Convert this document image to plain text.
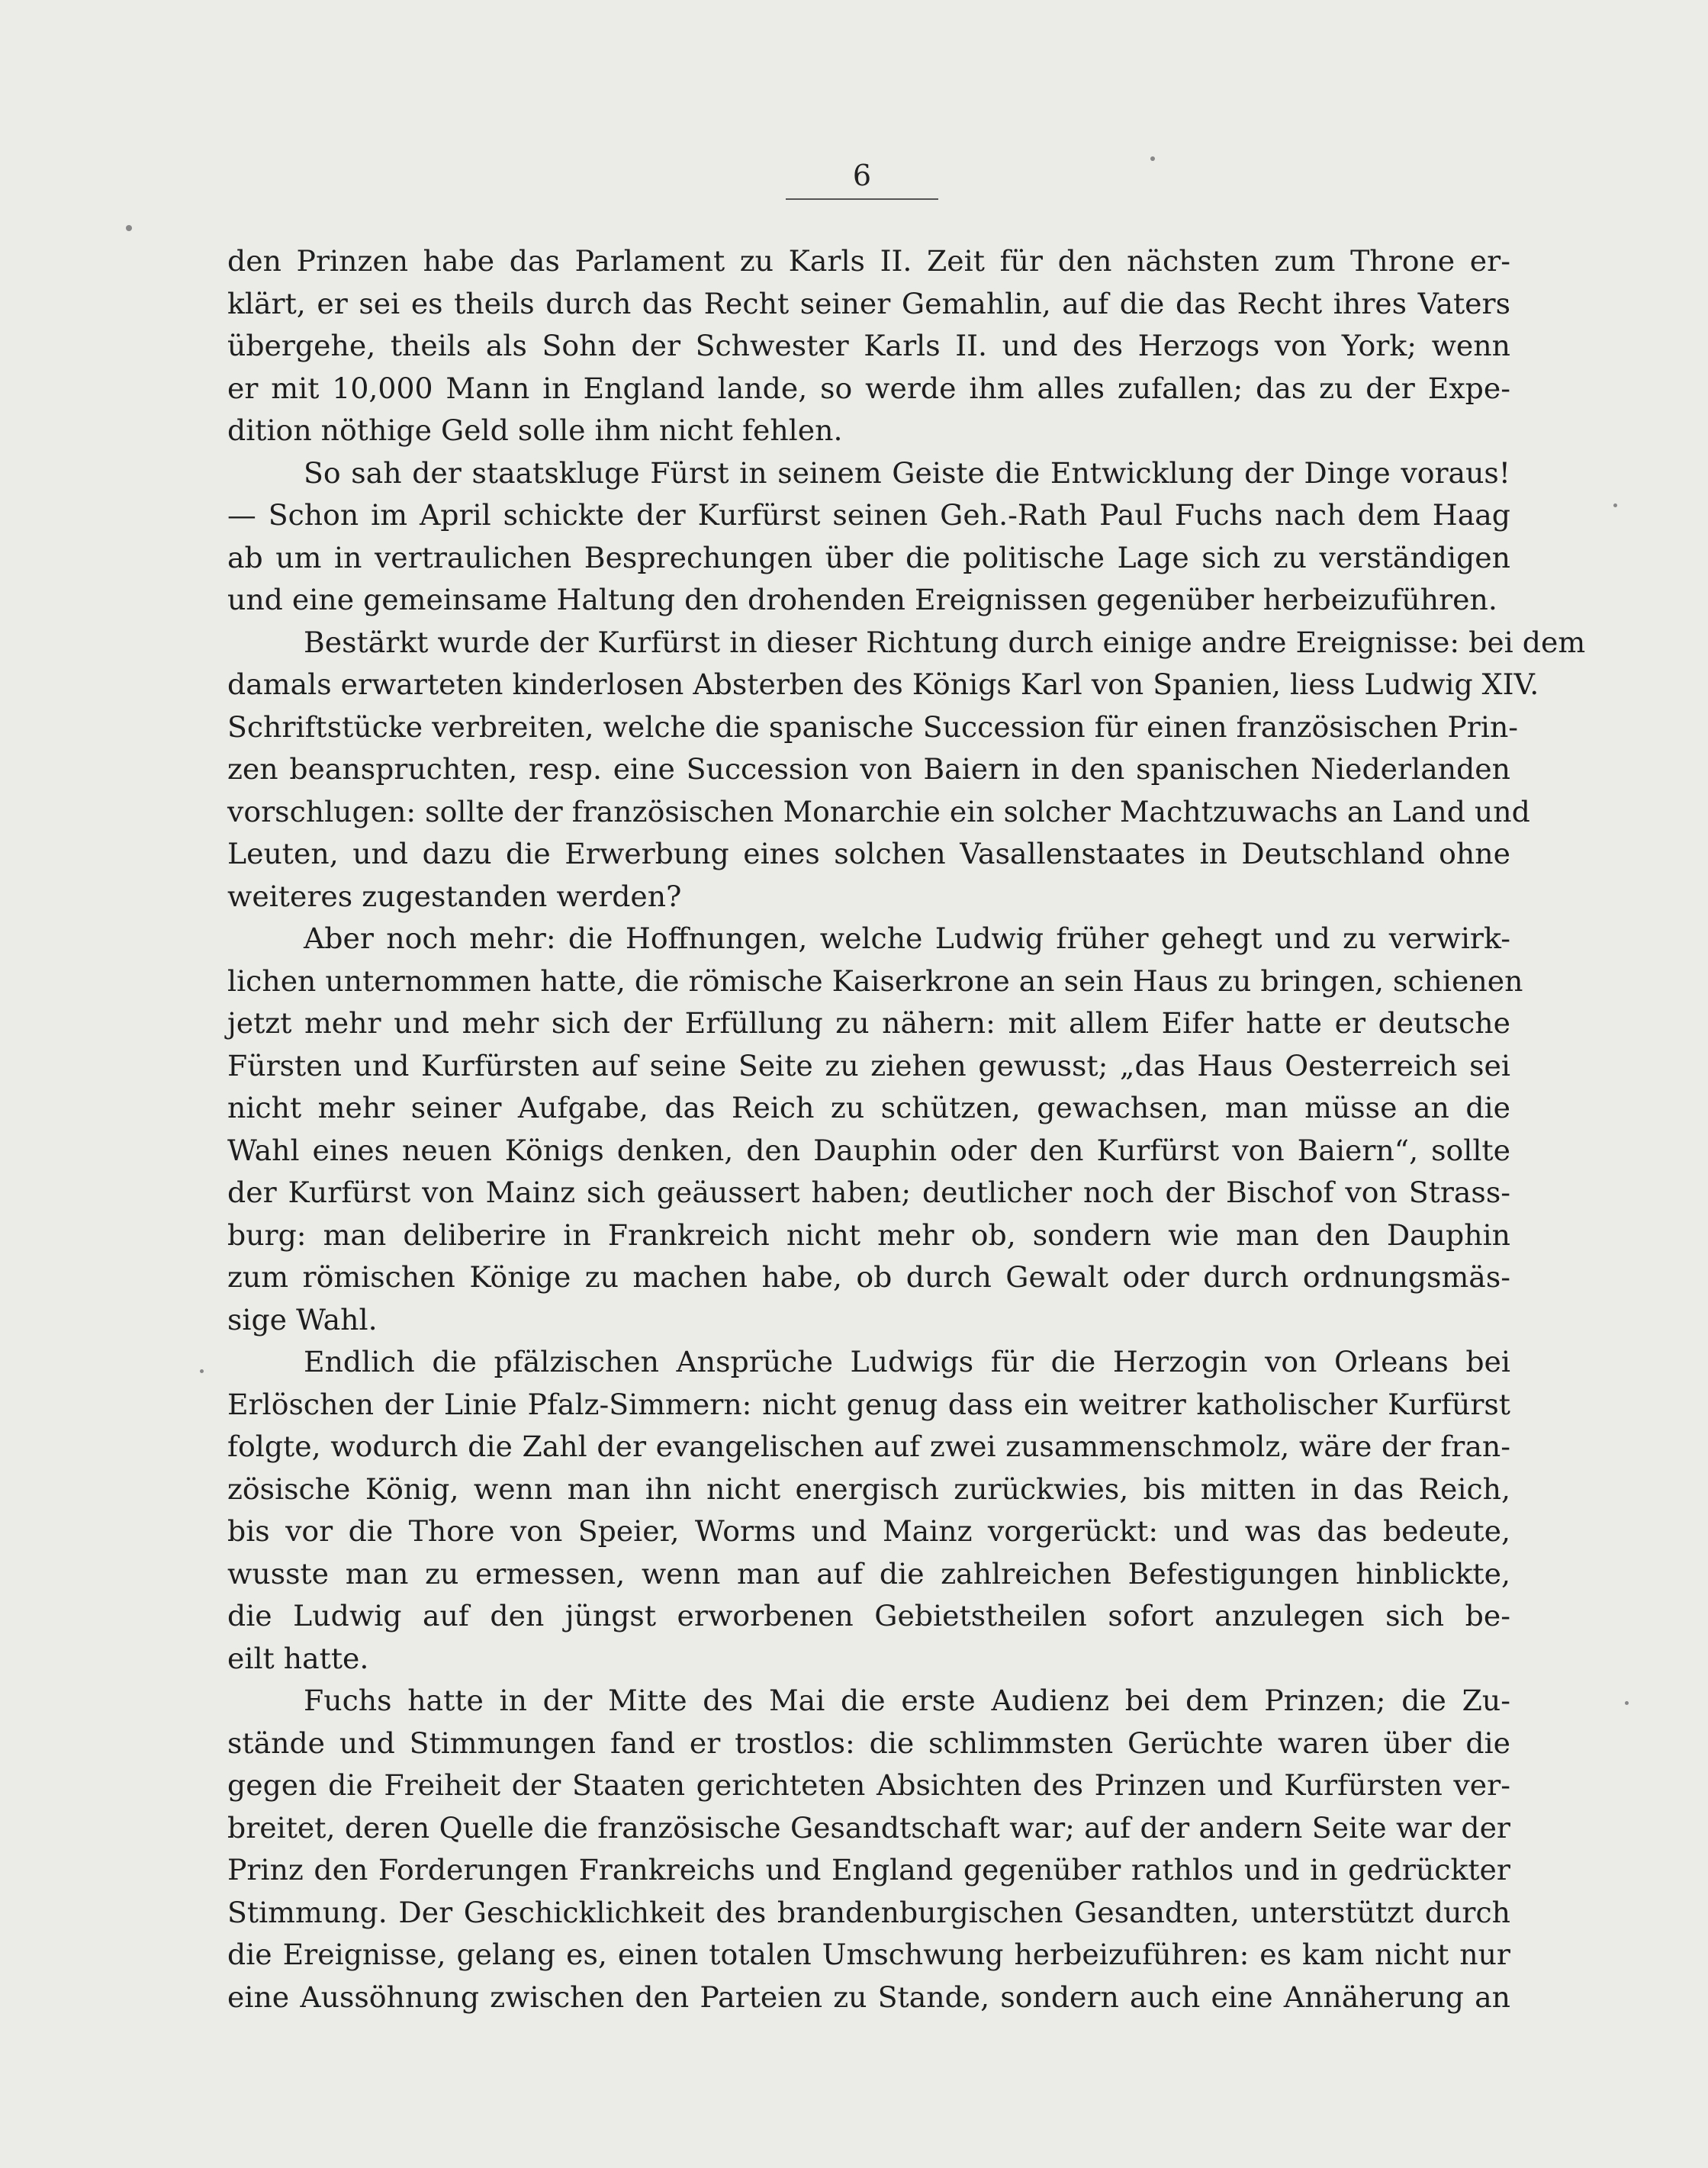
6

den Prinzen habe das Parlament zu Karls II. Zeit für den nächsten zum Throne er-
klärt, er sei es theils durch das Recht seiner Gemahlin, auf die das Recht ihres Vaters
übergehe, theils als Sohn der Schwester Karls II. und des Herzogs von York; wenn
er mit 10,000 Mann in England lande, so werde ihm alles zufallen; das zu der Expe-
dition nöthige Geld solle ihm nicht fehlen.

So sah der staatskluge Fürst in seinem Geiste die Entwicklung der Dinge voraus!
— Schon im April schickte der Kurfürst seinen Geh.-Rath Paul Fuchs nach dem Haag
ab um in vertraulichen Besprechungen über die politische Lage sich zu verständigen
und eine gemeinsame Haltung den drohenden Ereignissen gegenüber herbeizuführen.

Bestärkt wurde der Kurfürst in dieser Richtung durch einige andre Ereignisse: bei dem
damals erwarteten kinderlosen Absterben des Königs Karl von Spanien, liess Ludwig XIV.
Schriftstücke verbreiten, welche die spanische Succession für einen französischen Prin-
zen beanspruchten, resp. eine Succession von Baiern in den spanischen Niederlanden
vorschlugen: sollte der französischen Monarchie ein solcher Machtzuwachs an Land und
Leuten, und dazu die Erwerbung eines solchen Vasallenstaates in Deutschland ohne
weiteres zugestanden werden?

Aber noch mehr: die Hoffnungen, welche Ludwig früher gehegt und zu verwirk-
lichen unternommen hatte, die römische Kaiserkrone an sein Haus zu bringen, schienen
jetzt mehr und mehr sich der Erfüllung zu nähern: mit allem Eifer hatte er deutsche
Fürsten und Kurfürsten auf seine Seite zu ziehen gewusst; „das Haus Oesterreich sei
nicht mehr seiner Aufgabe, das Reich zu schützen, gewachsen, man müsse an die
Wahl eines neuen Königs denken, den Dauphin oder den Kurfürst von Baiern“, sollte
der Kurfürst von Mainz sich geäussert haben; deutlicher noch der Bischof von Strass-
burg: man deliberire in Frankreich nicht mehr ob, sondern wie man den Dauphin
zum römischen Könige zu machen habe, ob durch Gewalt oder durch ordnungsmäs-
sige Wahl.

Endlich die pfälzischen Ansprüche Ludwigs für die Herzogin von Orleans bei
Erlöschen der Linie Pfalz-Simmern: nicht genug dass ein weitrer katholischer Kurfürst
folgte, wodurch die Zahl der evangelischen auf zwei zusammenschmolz, wäre der fran-
zösische König, wenn man ihn nicht energisch zurückwies, bis mitten in das Reich,
bis vor die Thore von Speier, Worms und Mainz vorgerückt: und was das bedeute,
wusste man zu ermessen, wenn man auf die zahlreichen Befestigungen hinblickte,
die Ludwig auf den jüngst erworbenen Gebietstheilen sofort anzulegen sich be-
eilt hatte.

Fuchs hatte in der Mitte des Mai die erste Audienz bei dem Prinzen; die Zu-
stände und Stimmungen fand er trostlos: die schlimmsten Gerüchte waren über die
gegen die Freiheit der Staaten gerichteten Absichten des Prinzen und Kurfürsten ver-
breitet, deren Quelle die französische Gesandtschaft war; auf der andern Seite war der
Prinz den Forderungen Frankreichs und England gegenüber rathlos und in gedrückter
Stimmung. Der Geschicklichkeit des brandenburgischen Gesandten, unterstützt durch
die Ereignisse, gelang es, einen totalen Umschwung herbeizuführen: es kam nicht nur
eine Aussöhnung zwischen den Parteien zu Stande, sondern auch eine Annäherung an
